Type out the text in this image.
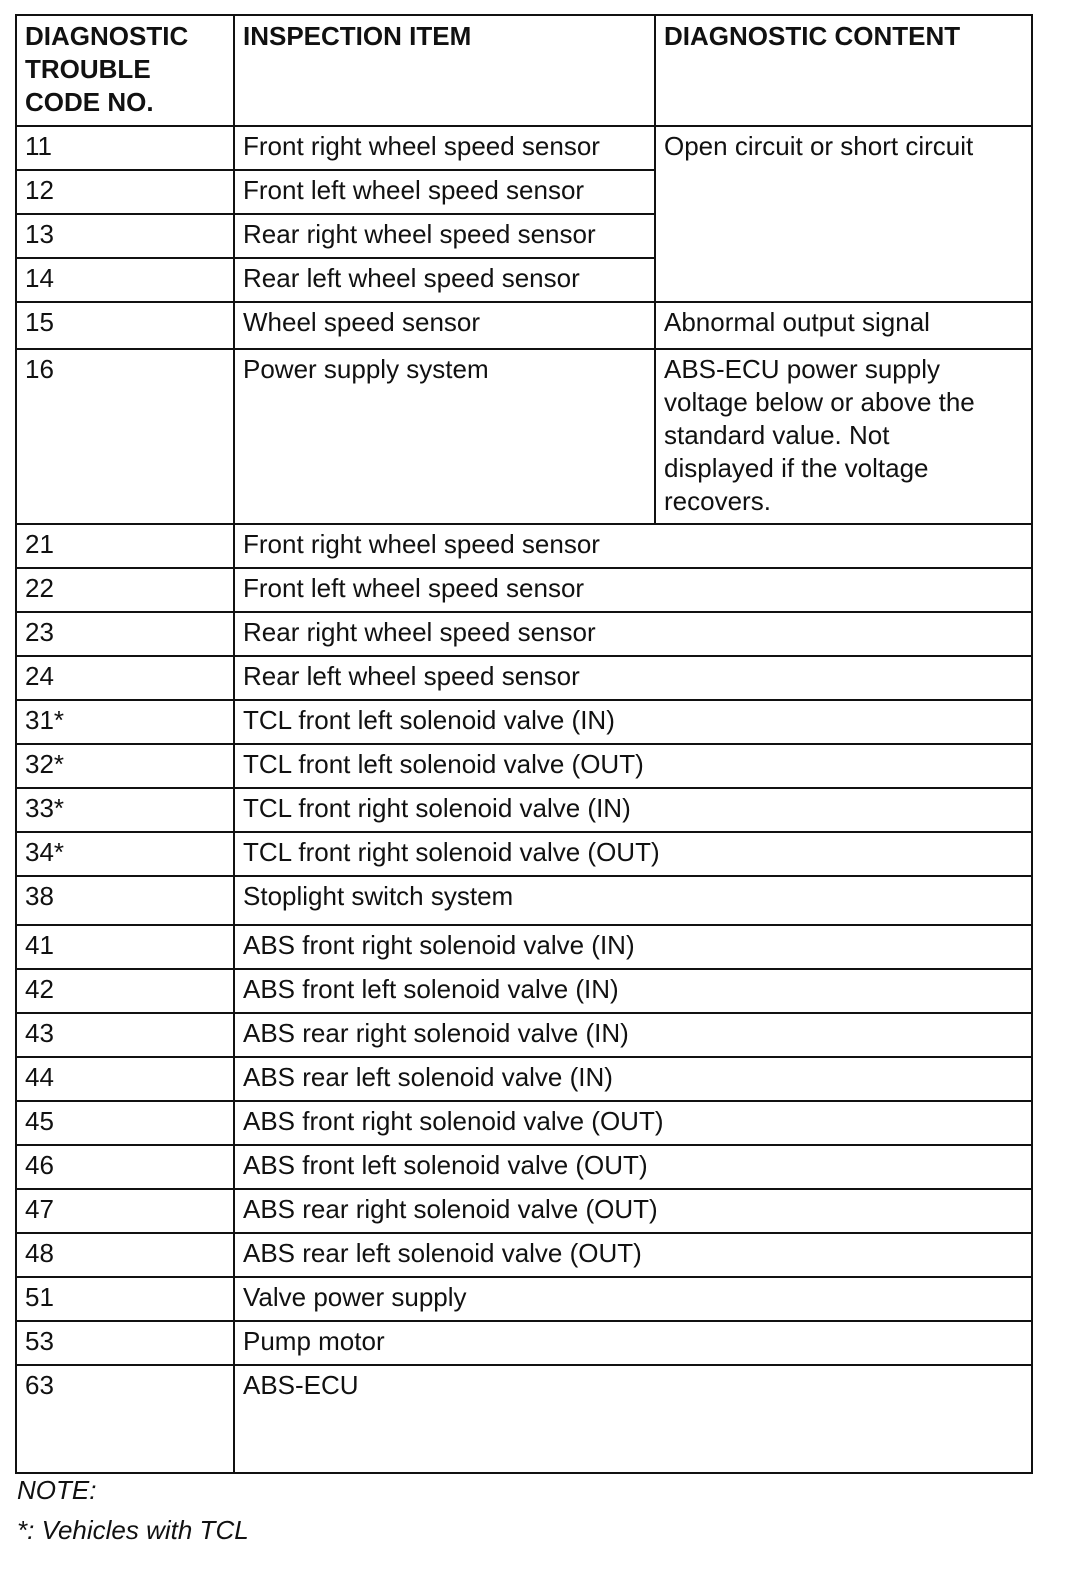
DIAGNOSTIC
TROUBLE
CODE NO.	INSPECTION ITEM	DIAGNOSTIC CONTENT
11	Front right wheel speed sensor	Open circuit or short circuit
12	Front left wheel speed sensor	
13	Rear right wheel speed sensor	
14	Rear left wheel speed sensor	
15	Wheel speed sensor	Abnormal output signal
16	Power supply system	ABS-ECU power supply
voltage below or above the
standard value. Not
displayed if the voltage
recovers.

21	Front right wheel speed sensor	
22	Front left wheel speed sensor	
23	Rear right wheel speed sensor	
24	Rear left wheel speed sensor	
31*	TCL front left solenoid valve (IN)	
32*	TCL front left solenoid valve (OUT)	
33*	TCL front right solenoid valve (IN)	
34*	TCL front right solenoid valve (OUT)	
38	Stoplight switch system	
41	ABS front right solenoid valve (IN)	
42	ABS front left solenoid valve (IN)	
43	ABS rear right solenoid valve (IN)	
44	ABS rear left solenoid valve (IN)	
45	ABS front right solenoid valve (OUT)	
46	ABS front left solenoid valve (OUT)	
47	ABS rear right solenoid valve (OUT)	
48	ABS rear left solenoid valve (OUT)	
51	Valve power supply	
53	Pump motor	
63	ABS-ECU	
NOTE:
*: Vehicles with TCL
